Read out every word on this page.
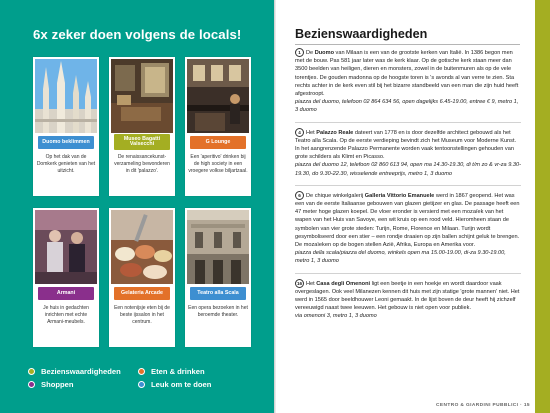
6x zeker doen volgens de locals!
Duomo beklimmen
Op het dak van de Domkerk genieten van het uitzicht.
Museo Bagatti Valsecchi
De renaissancekunst-verzameling bewonderen in dit 'palazzo'.
G Lounge
Een 'aperitivo' drinken bij de high society in een vroegere volkse biljartzaal.
Armani
Je huis in gedachten inrichten met echte Armani-meubels.
Gelateria Arcade
Een notenijsje eten bij de beste ijssalon in het centrum.
Teatro alla Scala
Een opera bezoeken in het beroemde theater.
Bezienswaardigheden	Eten & drinken
Shoppen	Leuk om te doen
Bezienswaardigheden
1 De Duomo van Milaan is een van de grootste kerken van Italië. In 1386 begon men met de bouw. Pas 581 jaar later was de kerk klaar. Op de gotische kerk staan meer dan 3500 beelden van heiligen, dieren en monsters, zowel in de buitenmuren als op de vele torentjes. De gouden madonna op de hoogste toren is 's avonds al van verre te zien. Sta rechts achter in de kerk even stil bij het bizarre standbeeld van een man die zijn huid heeft afgestroopt.
piazza del duomo, telefoon 02 864 634 56, open dagelijks 6.45-19.00, entree € 9, metro 1, 3 duomo
4 Het Palazzo Reale dateert van 1778 en is door dezelfde architect gebouwd als het Teatro alla Scala. Op de eerste verdieping bevindt zich het Museum voor Moderne Kunst. In het aangrenzende Palazzo Permanente worden vaak tentoonstellingen gehouden van grote schilders als Klimt en Picasso.
piazza del duomo 12, telefoon 02 860 613 94, open ma 14.30-19.30, di t/m zo & vr-za 9.30-19.30, do 9.30-22.30, wisselende entreeprijs, metro 1, 3 duomo
6 De chique winkelgalerij Galleria Vittorio Emanuele werd in 1867 geopend. Het was een van de eerste Italiaanse gebouwen van glazen gietijzer en glas. De passage heeft een 47 meter hoge glazen koepel. De vloer eronder is versierd met een mozaïek van het wapen van het Huis van Savoye, een wit kruis op een rood veld. Hieromheen staan de symbolen van vier grote steden: Turijn, Rome, Florence en Milaan. Turijn wordt gesymboliseerd door een stier – een rondje draaien op zijn ballen schijnt geluk te brengen. De mozaïeken op de bogen stellen Azië, Afrika, Europa en Amerika voor.
piazza della scala/piazza del duomo, winkels open ma 15.00-19.00, di-za 9.30-19.00, metro 1, 3 duomo
16 Het Casa degli Omenoni ligt een beetje in een hoekje en wordt daardoor vaak overgeslagen. Ook veel Milanezen kennen dit huis met zijn statige 'grote mannen' niet. Het werd in 1565 door beeldhouwer Leoni gemaakt. In de lijst boven de deur heeft hij zichzelf vereeuwigd naast twee leeuwen. Het gebouw is niet open voor publiek.
via omenoni 3, metro 1, 3 duomo
CENTRO & GIARDINI PUBBLICI · 15
